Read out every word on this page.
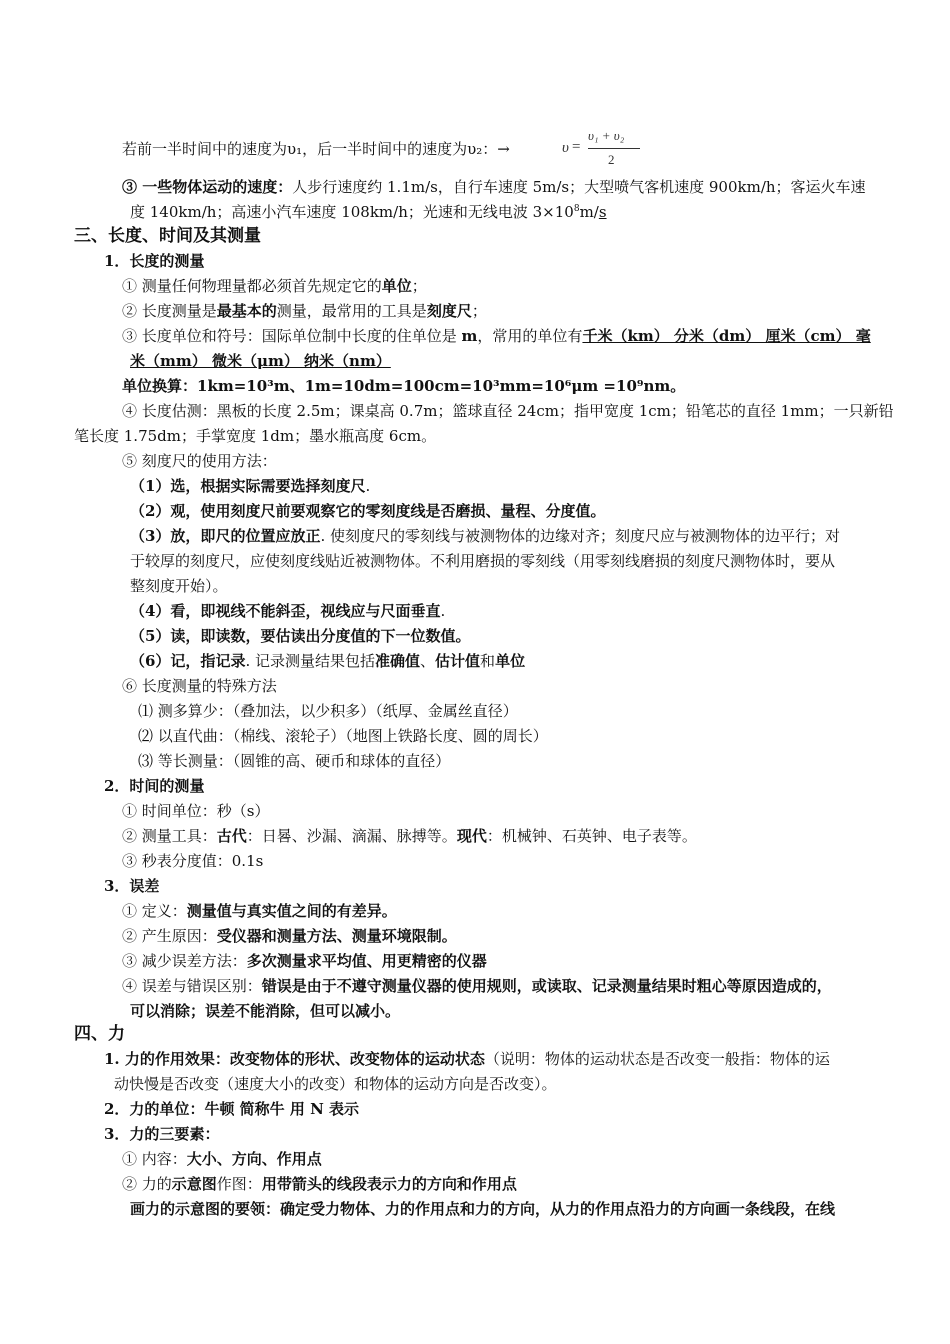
若前一半时间中的速度为υ₁，后一半时间中的速度为υ₂：→	υ =
υ₁ + υ₂
2
③ 一些物体运动的速度：人步行速度约 1.1m/s，自行车速度 5m/s；大型喷气客机速度 900km/h；客运火车速
度 140km/h；高速小汽车速度 108km/h；光速和无线电波 $3\times 10^8m/s$
三、长度、时间及其测量
1．长度的测量
① 测量任何物理量都必须首先规定它的单位；
② 长度测量是最基本的测量，最常用的工具是刻度尺；
③ 长度单位和符号：国际单位制中长度的住单位是 m，常用的单位有千米（km） 分米（dm） 厘米（cm） 毫
米（mm） 微米（μm） 纳米（nm）
单位换算：1km=10³m、1m=10dm=100cm=10³mm=10⁶μm =10⁹nm。
④ 长度估测：黑板的长度 2.5m；课桌高 0.7m；篮球直径 24cm；指甲宽度 1cm；铅笔芯的直径 1mm；一只新铅
笔长度 1.75dm；手掌宽度 1dm；墨水瓶高度 6cm。
⑤ 刻度尺的使用方法：
（1）选，根据实际需要选择刻度尺.
（2）观，使用刻度尺前要观察它的零刻度线是否磨损、量程、分度值。
（3）放，即尺的位置应放正. 使刻度尺的零刻线与被测物体的边缘对齐；刻度尺应与被测物体的边平行；对
于较厚的刻度尺，应使刻度线贴近被测物体。不利用磨损的零刻线（用零刻线磨损的刻度尺测物体时，要从
整刻度开始）。
（4）看，即视线不能斜歪，视线应与尺面垂直.
（5）读，即读数，要估读出分度值的下一位数值。
（6）记，指记录. 记录测量结果包括准确值、估计值和单位
⑥ 长度测量的特殊方法
⑴ 测多算少：（叠加法，以少积多）（纸厚、金属丝直径）
⑵ 以直代曲：（棉线、滚轮子）（地图上铁路长度、圆的周长）
⑶ 等长测量：（圆锥的高、硬币和球体的直径）
2．时间的测量
① 时间单位：秒（s）
② 测量工具：古代：日晷、沙漏、滴漏、脉搏等。现代：机械钟、石英钟、电子表等。
③ 秒表分度值：0.1s
3．误差
① 定义：测量值与真实值之间的有差异。
② 产生原因：受仪器和测量方法、测量环境限制。
③ 减少误差方法：多次测量求平均值、用更精密的仪器
④ 误差与错误区别：错误是由于不遵守测量仪器的使用规则，或读取、记录测量结果时粗心等原因造成的，
可以消除；误差不能消除，但可以减小。
四、力
1. 力的作用效果：改变物体的形状、改变物体的运动状态（说明：物体的运动状态是否改变一般指：物体的运
动快慢是否改变（速度大小的改变）和物体的运动方向是否改变）。
2．力的单位：牛顿 简称牛 用 N 表示
3．力的三要素：
① 内容：大小、方向、作用点
② 力的示意图作图：用带箭头的线段表示力的方向和作用点
画力的示意图的要领：确定受力物体、力的作用点和力的方向，从力的作用点沿力的方向画一条线段，在线
